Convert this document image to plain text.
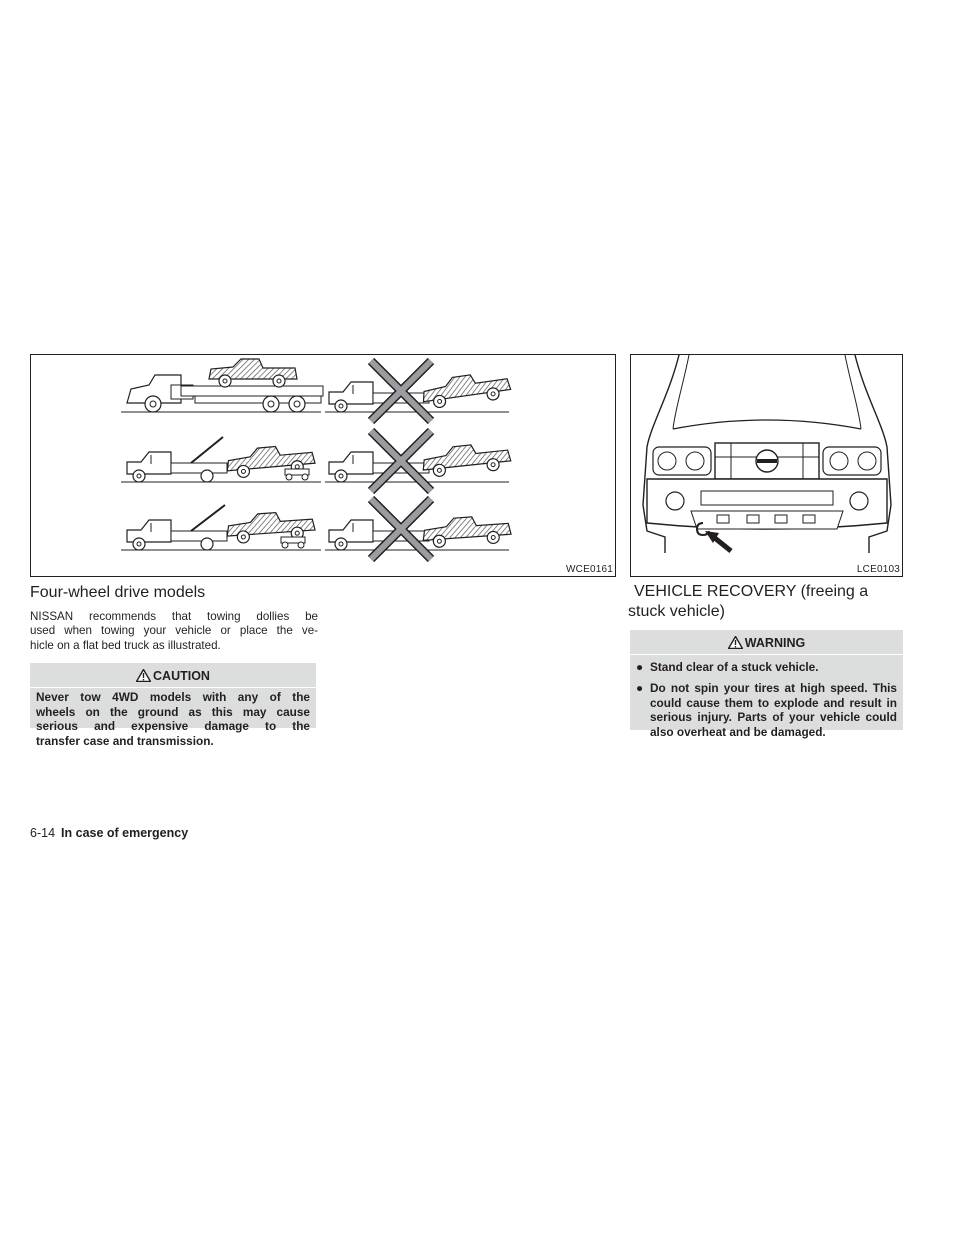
WCE0161	LCE0103
Four-wheel drive models
NISSAN recommends that towing dollies be
used when towing your vehicle or place the ve-
hicle on a flat bed truck as illustrated.
CAUTION
Never tow 4WD models with any of the
wheels on the ground as this may cause
serious and expensive damage to the
transfer case and transmission.
VEHICLE RECOVERY (freeing a
stuck vehicle)
WARNING
● Stand clear of a stuck vehicle.
● Do not spin your tires at high speed. This could cause them to explode and result in serious injury. Parts of your vehicle could also overheat and be damaged.
6-14 In case of emergency
